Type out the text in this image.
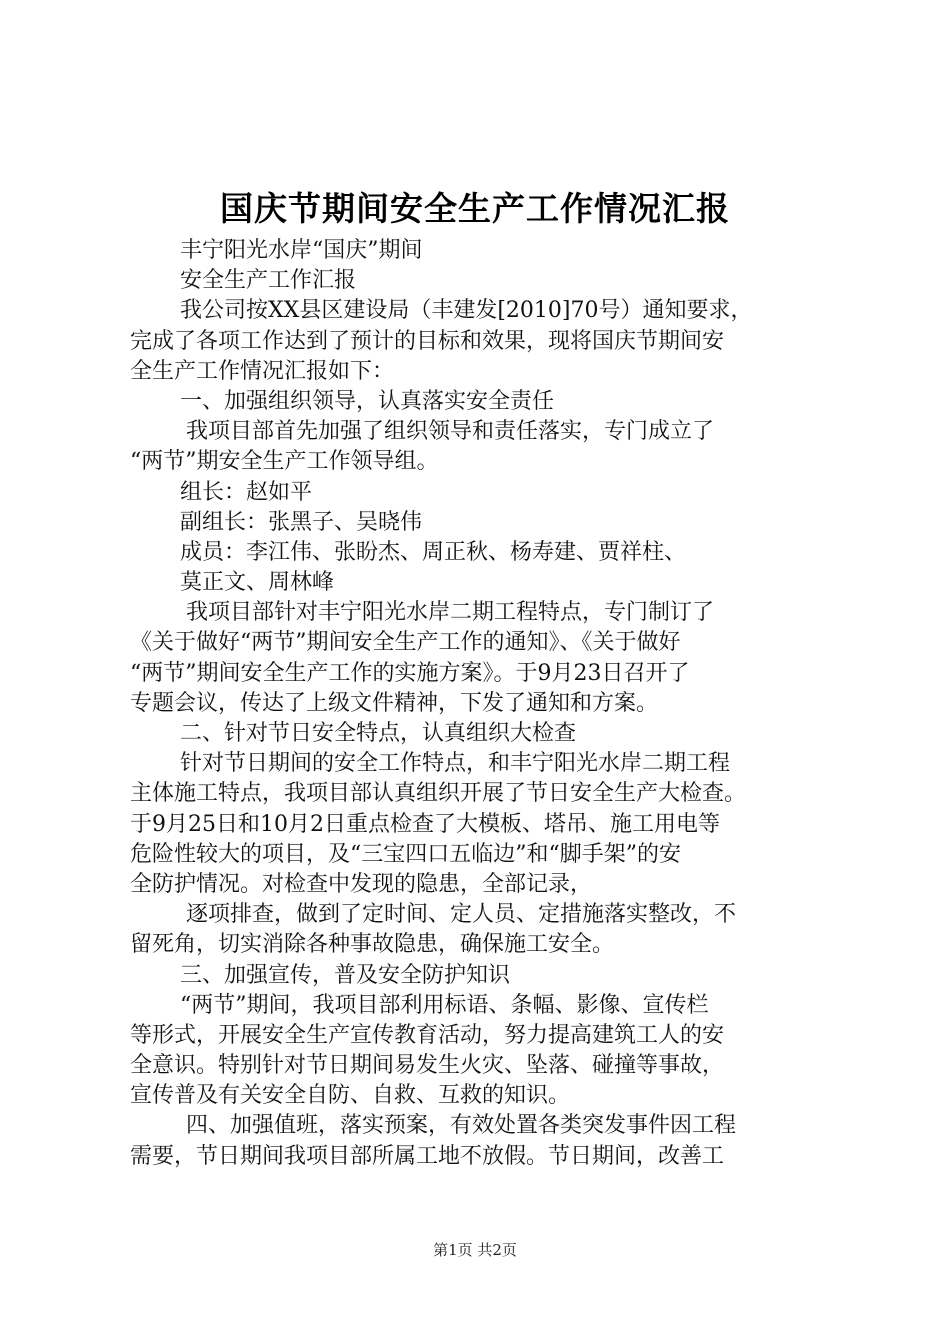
国庆节期间安全生产工作情况汇报
丰宁阳光水岸“国庆”期间
安全生产工作汇报
我公司按XX县区建设局（丰建发[2010]70号）通知要求，
完成了各项工作达到了预计的目标和效果，现将国庆节期间安
全生产工作情况汇报如下：
一、加强组织领导，认真落实安全责任
我项目部首先加强了组织领导和责任落实，专门成立了
“两节”期安全生产工作领导组。
组长：赵如平
副组长：张黑子、吴晓伟
成员：李江伟、张盼杰、周正秋、杨寿建、贾祥柱、
莫正文、周林峰
我项目部针对丰宁阳光水岸二期工程特点，专门制订了
《关于做好“两节”期间安全生产工作的通知》、《关于做好
“两节”期间安全生产工作的实施方案》。于9月23日召开了
专题会议，传达了上级文件精神，下发了通知和方案。
二、针对节日安全特点，认真组织大检查
针对节日期间的安全工作特点，和丰宁阳光水岸二期工程
主体施工特点，我项目部认真组织开展了节日安全生产大检查。
于9月25日和10月2日重点检查了大模板、塔吊、施工用电等
危险性较大的项目，及“三宝四口五临边”和“脚手架”的安
全防护情况。对检查中发现的隐患，全部记录，
逐项排查，做到了定时间、定人员、定措施落实整改，不
留死角，切实消除各种事故隐患，确保施工安全。
三、加强宣传，普及安全防护知识
“两节”期间，我项目部利用标语、条幅、影像、宣传栏
等形式，开展安全生产宣传教育活动，努力提高建筑工人的安
全意识。特别针对节日期间易发生火灾、坠落、碰撞等事故，
宣传普及有关安全自防、自救、互救的知识。
四、加强值班，落实预案，有效处置各类突发事件因工程
需要，节日期间我项目部所属工地不放假。节日期间，改善工
第1页 共2页
